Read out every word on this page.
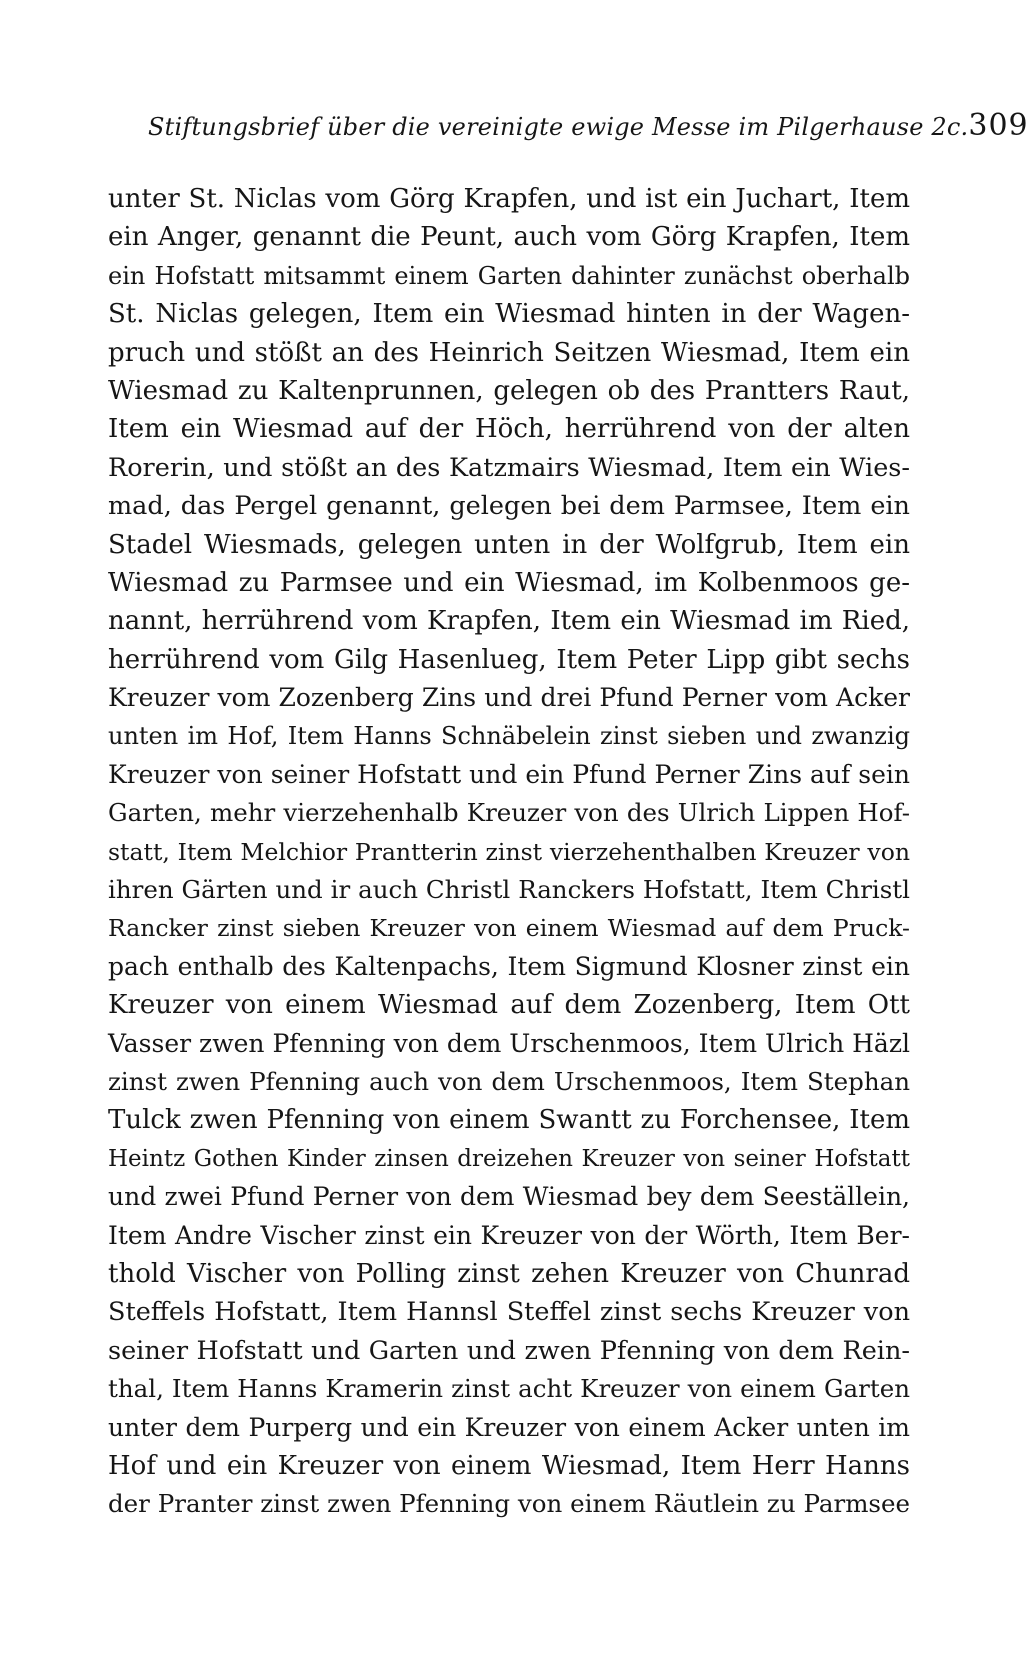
Stiftungsbrief über die vereinigte ewige Messe im Pilgerhause 2c. 309
unter St. Niclas vom Görg Krapfen, und ist ein Juchart, Item
ein Anger, genannt die Peunt, auch vom Görg Krapfen, Item
ein Hofstatt mitsammt einem Garten dahinter zunächst oberhalb
St. Niclas gelegen, Item ein Wiesmad hinten in der Wagen-
pruch und stößt an des Heinrich Seitzen Wiesmad, Item ein
Wiesmad zu Kaltenprunnen, gelegen ob des Prantters Raut,
Item ein Wiesmad auf der Höch, herrührend von der alten
Rorerin, und stößt an des Katzmairs Wiesmad, Item ein Wies-
mad, das Pergel genannt, gelegen bei dem Parmsee, Item ein
Stadel Wiesmads, gelegen unten in der Wolfgrub, Item ein
Wiesmad zu Parmsee und ein Wiesmad, im Kolbenmoos ge-
nannt, herrührend vom Krapfen, Item ein Wiesmad im Ried,
herrührend vom Gilg Hasenlueg, Item Peter Lipp gibt sechs
Kreuzer vom Zozenberg Zins und drei Pfund Perner vom Acker
unten im Hof, Item Hanns Schnäbelein zinst sieben und zwanzig
Kreuzer von seiner Hofstatt und ein Pfund Perner Zins auf sein
Garten, mehr vierzehenhalb Kreuzer von des Ulrich Lippen Hof-
statt, Item Melchior Prantterin zinst vierzehenthalben Kreuzer von
ihren Gärten und ir auch Christl Ranckers Hofstatt, Item Christl
Rancker zinst sieben Kreuzer von einem Wiesmad auf dem Pruck-
pach enthalb des Kaltenpachs, Item Sigmund Klosner zinst ein
Kreuzer von einem Wiesmad auf dem Zozenberg, Item Ott
Vasser zwen Pfenning von dem Urschenmoos, Item Ulrich Häzl
zinst zwen Pfenning auch von dem Urschenmoos, Item Stephan
Tulck zwen Pfenning von einem Swantt zu Forchensee, Item
Heintz Gothen Kinder zinsen dreizehen Kreuzer von seiner Hofstatt
und zwei Pfund Perner von dem Wiesmad bey dem Seeställein,
Item Andre Vischer zinst ein Kreuzer von der Wörth, Item Ber-
thold Vischer von Polling zinst zehen Kreuzer von Chunrad
Steffels Hofstatt, Item Hannsl Steffel zinst sechs Kreuzer von
seiner Hofstatt und Garten und zwen Pfenning von dem Rein-
thal, Item Hanns Kramerin zinst acht Kreuzer von einem Garten
unter dem Purperg und ein Kreuzer von einem Acker unten im
Hof und ein Kreuzer von einem Wiesmad, Item Herr Hanns
der Pranter zinst zwen Pfenning von einem Räutlein zu Parmsee
